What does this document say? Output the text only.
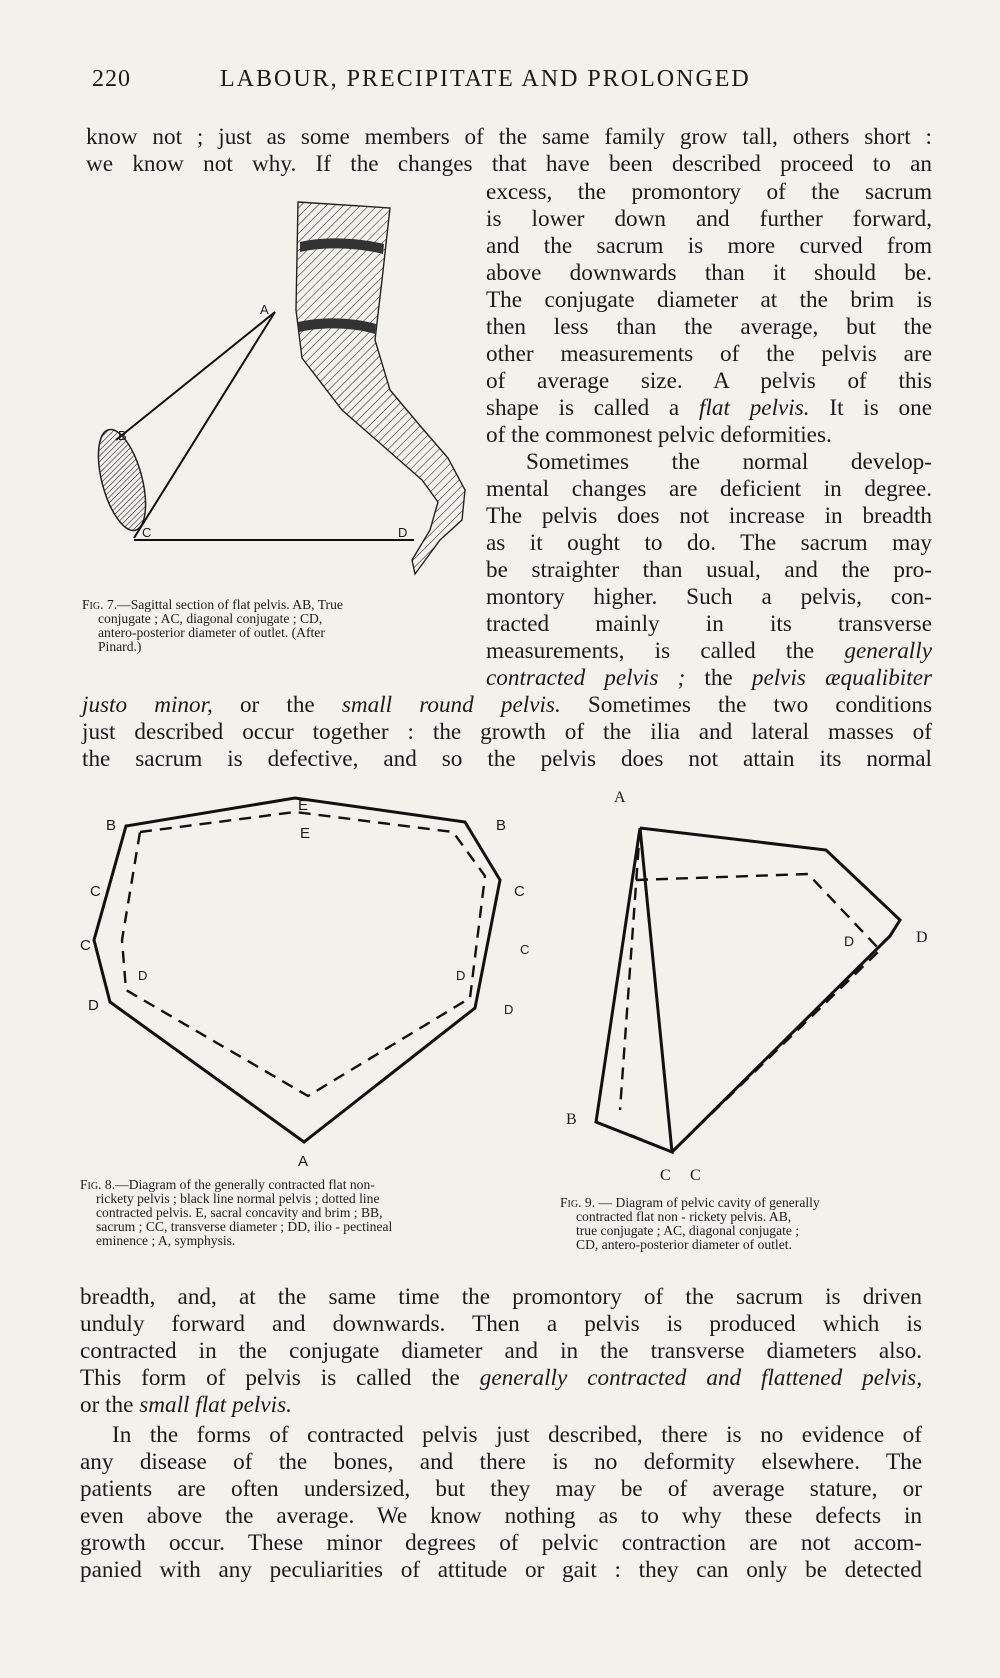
220	LABOUR, PRECIPITATE AND PROLONGED

know not ; just as some members of the same family grow tall, others short :

we know not why. If the changes that have been described proceed to an

excess, the promontory of the sacrum

is lower down and further forward,

and the sacrum is more curved from

above downwards than it should be.

The conjugate diameter at the brim is

then less than the average, but the

other measurements of the pelvis are

of average size. A pelvis of this

shape is called a flat pelvis. It is one

of the commonest pelvic deformities.

Sometimes the normal develop-

mental changes are deficient in degree.

The pelvis does not increase in breadth

as it ought to do. The sacrum may

be straighter than usual, and the pro-

montory higher. Such a pelvis, con-

tracted mainly in its transverse

measurements, is called the generally

contracted pelvis ; the pelvis æqualibiter

justo minor, or the small round pelvis. Sometimes the two conditions

just described occur together : the growth of the ilia and lateral masses of

the sacrum is defective, and so the pelvis does not attain its normal

A
B
C	D

Fig. 7.—Sagittal section of flat pelvis. AB, True

conjugate ; AC, diagonal conjugate ; CD,

antero-posterior diameter of outlet. (After

Pinard.)

E
E
B	B
C	C
C	C
D	D
D	D
A

Fig. 8.—Diagram of the generally contracted flat non-

rickety pelvis ; black line normal pelvis ; dotted line

contracted pelvis. E, sacral concavity and brim ; BB,

sacrum ; CC, transverse diameter ; DD, ilio - pectineal

eminence ; A, symphysis.

A
D
D
B
C C

Fig. 9. — Diagram of pelvic cavity of generally

contracted flat non - rickety pelvis. AB,

true conjugate ; AC, diagonal conjugate ;

CD, antero-posterior diameter of outlet.

breadth, and, at the same time the promontory of the sacrum is driven

unduly forward and downwards. Then a pelvis is produced which is

contracted in the conjugate diameter and in the transverse diameters also.

This form of pelvis is called the generally contracted and flattened pelvis,

or the small flat pelvis.

In the forms of contracted pelvis just described, there is no evidence of

any disease of the bones, and there is no deformity elsewhere. The

patients are often undersized, but they may be of average stature, or

even above the average. We know nothing as to why these defects in

growth occur. These minor degrees of pelvic contraction are not accom-

panied with any peculiarities of attitude or gait : they can only be detected
